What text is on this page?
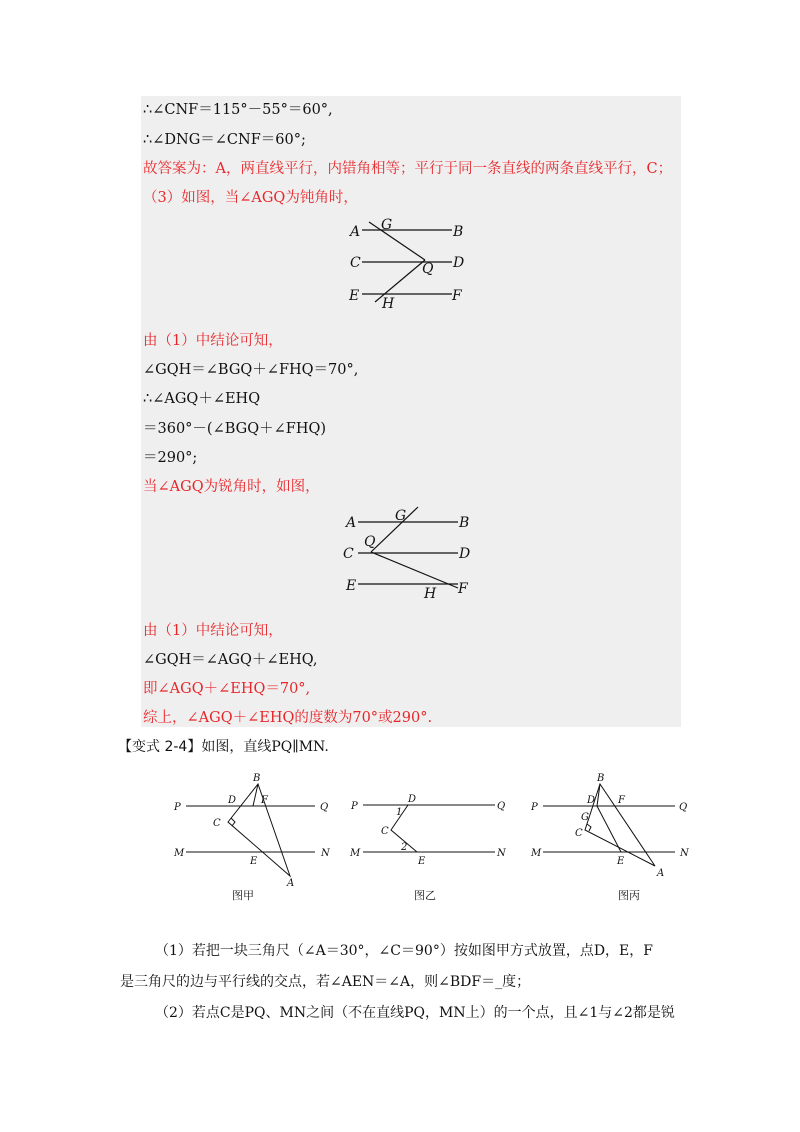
∴∠CNF＝115°－55°＝60°,
∴∠DNG＝∠CNF＝60°;
故答案为：A，两直线平行，内错角相等；平行于同一条直线的两条直线平行，C；
（3）如图，当∠AGQ为钝角时，
A G	B
C	Q D
E H	F
由（1）中结论可知，
∠GQH＝∠BGQ＋∠FHQ＝70°,
∴∠AGQ＋∠EHQ
＝360°－(∠BGQ＋∠FHQ)
＝290°;
当∠AGQ为锐角时，如图，
A	G	B
C
Q
D
E	H F
由（1）中结论可知，
∠GQH＝∠AGQ＋∠EHQ,
即∠AGQ＋∠EHQ＝70°,
综上，∠AGQ＋∠EHQ的度数为70°或290°.
【变式 2-4】如图，直线PQ∥MN.
P	Q
M	N
B
D F
C
E
A
图甲
P	Q
M	N
D
1
C
2
E
图乙
P	Q
M	N
B
D F
G
C
E
A
图丙
（1）若把一块三角尺（∠A＝30°，∠C＝90°）按如图甲方式放置，点D，E，F
是三角尺的边与平行线的交点，若∠AEN＝∠A，则∠BDF＝_度；
（2）若点C是PQ、MN之间（不在直线PQ，MN上）的一个点，且∠1与∠2都是锐
